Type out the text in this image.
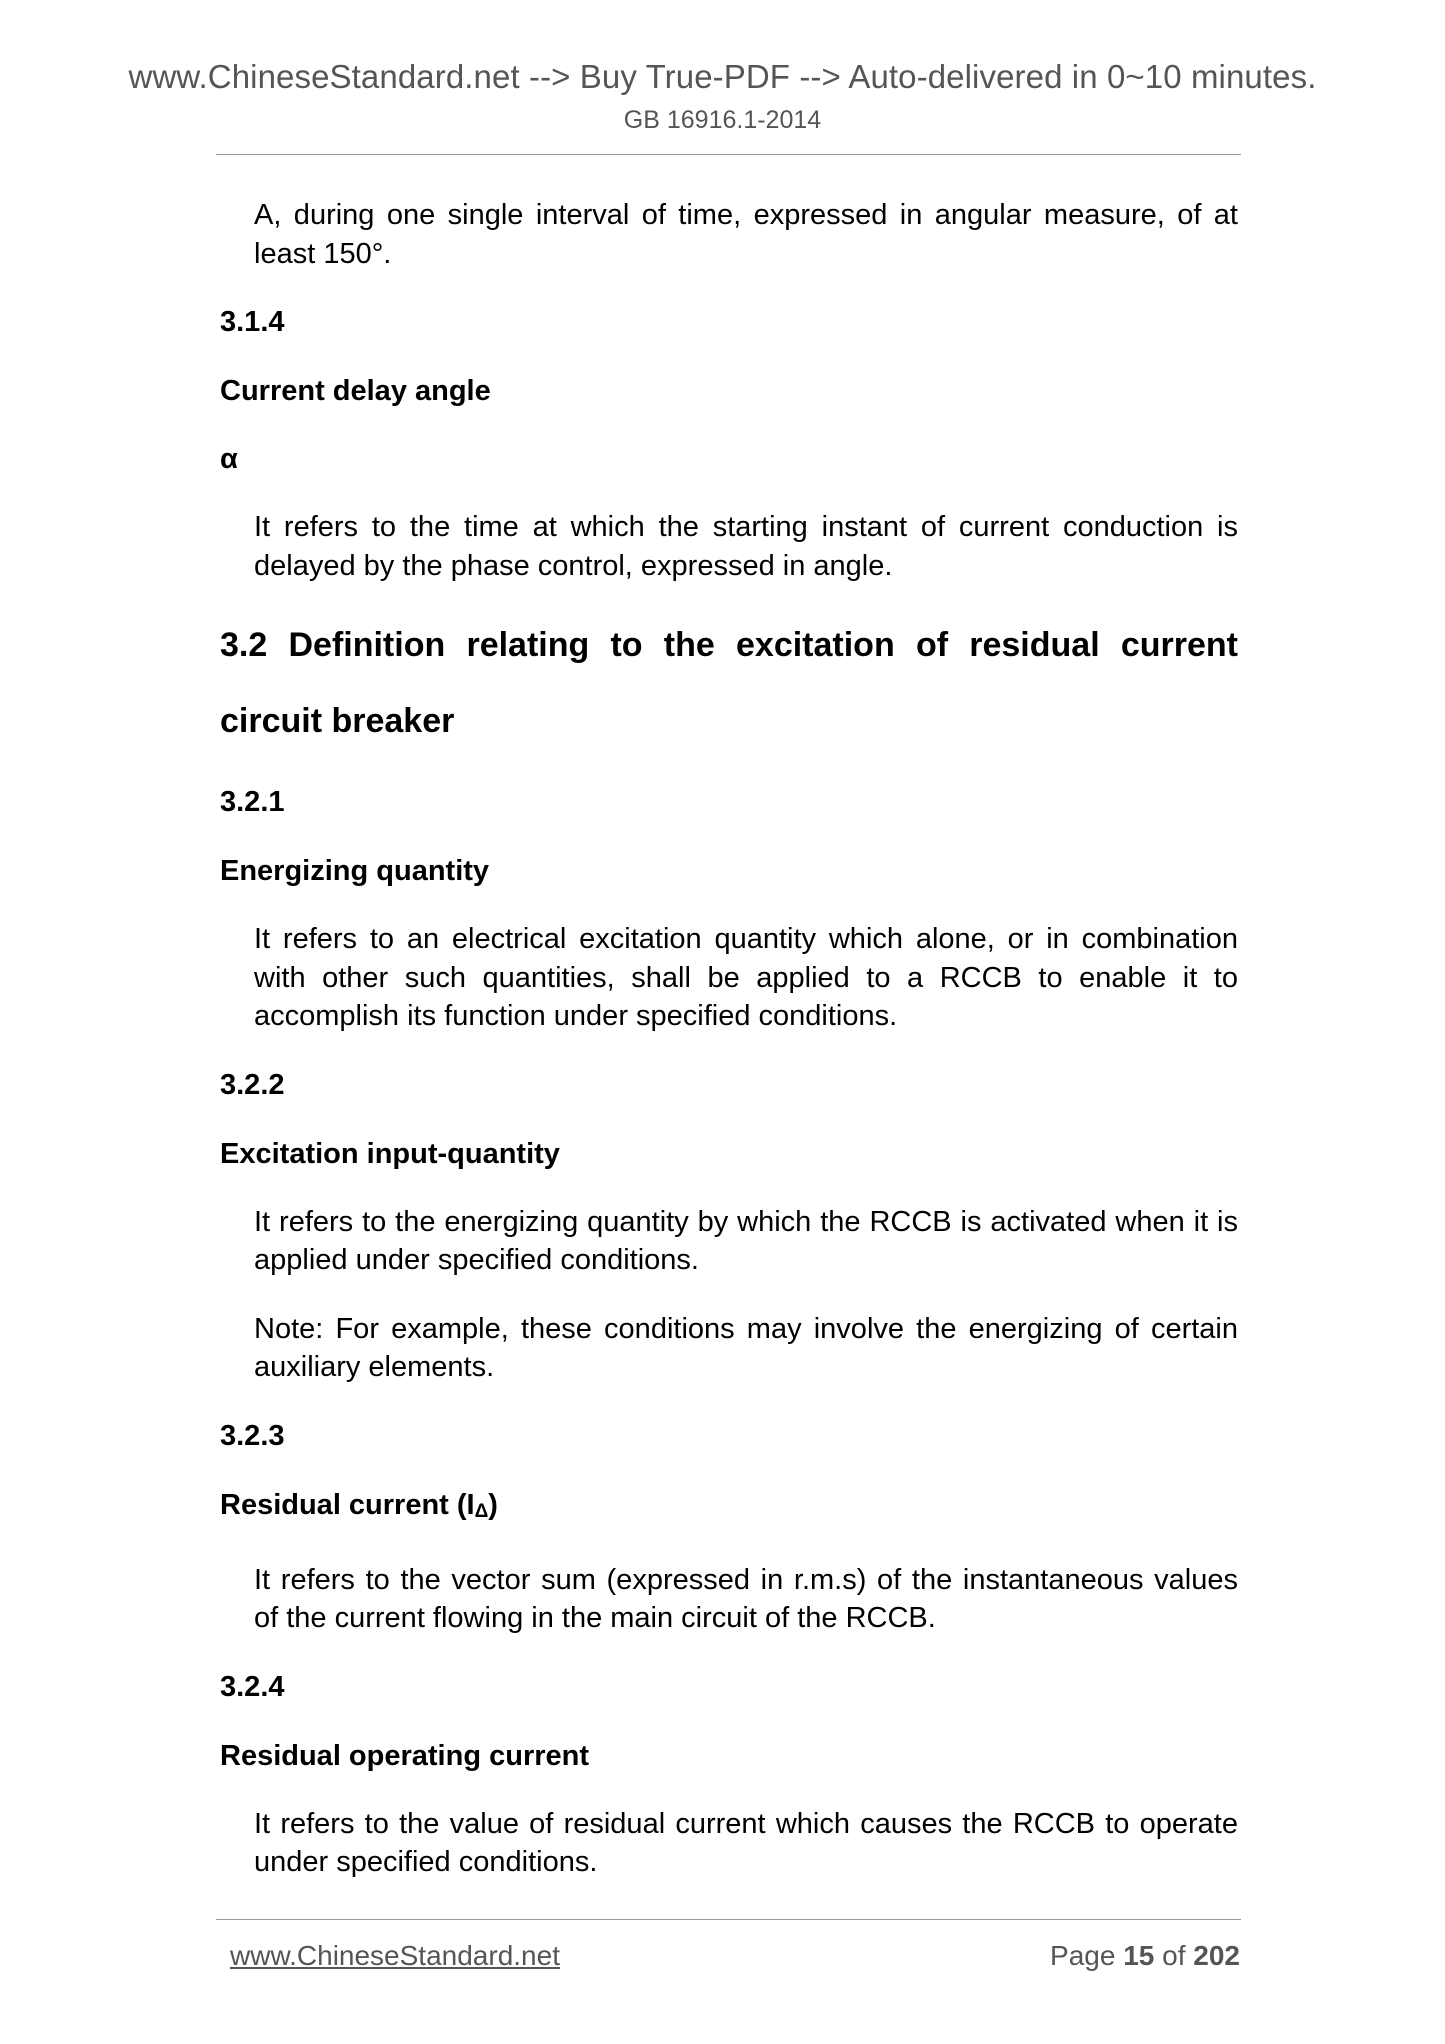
www.ChineseStandard.net --> Buy True-PDF --> Auto-delivered in 0~10 minutes.
GB 16916.1-2014

A, during one single interval of time, expressed in angular measure, of at least 150°.

3.1.4
Current delay angle
α

It refers to the time at which the starting instant of current conduction is delayed by the phase control, expressed in angle.

3.2 Definition relating to the excitation of residual current
circuit breaker
3.2.1
Energizing quantity

It refers to an electrical excitation quantity which alone, or in combination with other such quantities, shall be applied to a RCCB to enable it to accomplish its function under specified conditions.

3.2.2
Excitation input-quantity

It refers to the energizing quantity by which the RCCB is activated when it is applied under specified conditions.

Note: For example, these conditions may involve the energizing of certain auxiliary elements.

3.2.3
Residual current (IΔ)

It refers to the vector sum (expressed in r.m.s) of the instantaneous values of the current flowing in the main circuit of the RCCB.

3.2.4
Residual operating current

It refers to the value of residual current which causes the RCCB to operate under specified conditions.

www.ChineseStandard.net	Page 15 of 202
